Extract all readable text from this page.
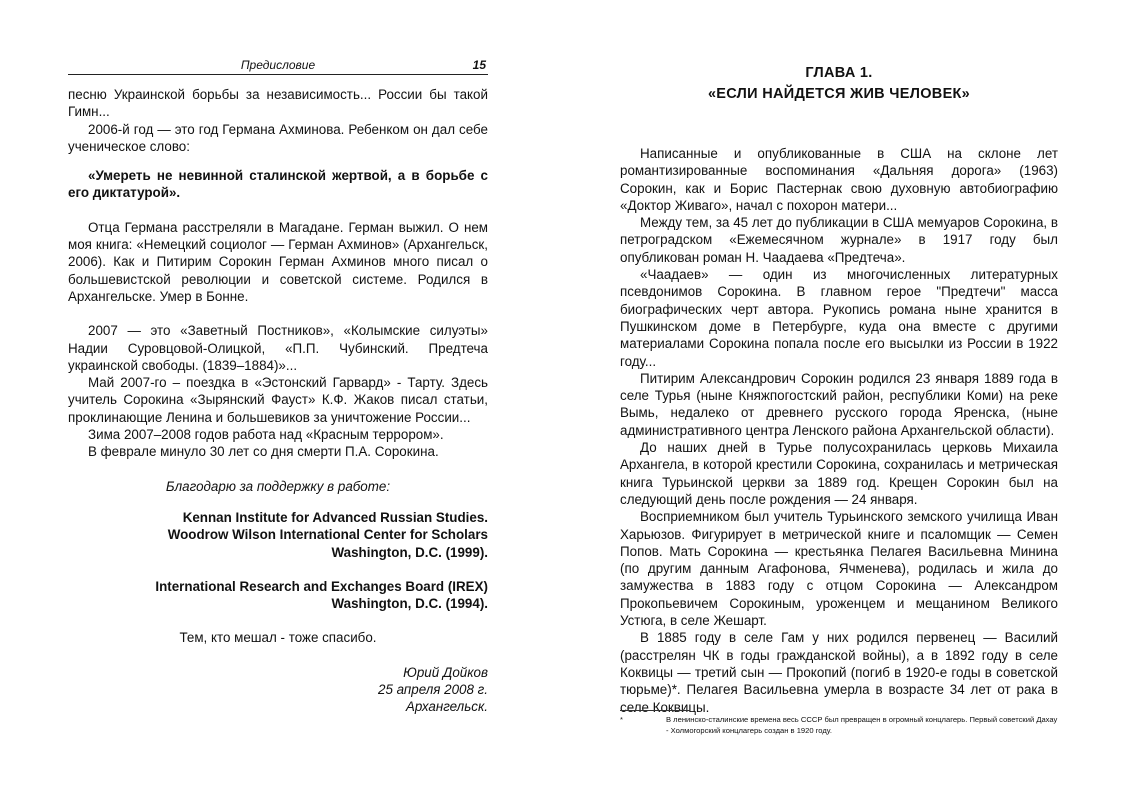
Предисловие	15

песню Украинской борьбы за независимость... России бы такой Гимн...

2006-й год — это год Германа Ахминова. Ребенком он дал себе ученическое слово:

«Умереть не невинной сталинской жертвой, а в борьбе с его диктатурой».

Отца Германа расстреляли в Магадане. Герман выжил. О нем моя книга: «Немецкий социолог — Герман Ахминов» (Архангельск, 2006). Как и Питирим Сорокин Герман Ахминов много писал о большевистской революции и советской системе. Родился в Архангельске. Умер в Бонне.

2007 — это «Заветный Постников», «Колымские силуэты» Надии Суровцовой-Олицкой, «П.П. Чубинский. Предтеча украинской свободы. (1839–1884)»...

Май 2007-го – поездка в «Эстонский Гарвард» - Тарту. Здесь учитель Сорокина «Зырянский Фауст» К.Ф. Жаков писал статьи, проклинающие Ленина и большевиков за уничтожение России...

Зима 2007–2008 годов работа над «Красным террором».

В феврале минуло 30 лет со дня смерти П.А. Сорокина.

Благодарю за поддержку в работе:

Kennan Institute for Advanced Russian Studies.
Woodrow Wilson International Center for Scholars
Washington, D.C. (1999).
International Research and Exchanges Board (IREX)
Washington, D.C. (1994).

Тем, кто мешал - тоже спасибо.

Юрий Дойков
25 апреля 2008 г.
Архангельск.
ГЛАВА 1.
«ЕСЛИ НАЙДЕТСЯ ЖИВ ЧЕЛОВЕК»

Написанные и опубликованные в США на склоне лет романтизированные воспоминания «Дальняя дорога» (1963) Сорокин, как и Борис Пастернак свою духовную автобиографию «Доктор Живаго», начал с похорон матери...

Между тем, за 45 лет до публикации в США мемуаров Сорокина, в петроградском «Ежемесячном журнале» в 1917 году был опубликован роман Н. Чаадаева «Предтеча».

«Чаадаев» — один из многочисленных литературных псевдонимов Сорокина. В главном герое "Предтечи" масса биографических черт автора. Рукопись романа ныне хранится в Пушкинском доме в Петербурге, куда она вместе с другими материалами Сорокина попала после его высылки из России в 1922 году...

Питирим Александрович Сорокин родился 23 января 1889 года в селе Турья (ныне Княжпогостский район, республики Коми) на реке Вымь, недалеко от древнего русского города Яренска, (ныне административного центра Ленского района Архангельской области).

До наших дней в Турье полусохранилась церковь Михаила Архангела, в которой крестили Сорокина, сохранилась и метрическая книга Турьинской церкви за 1889 год. Крещен Сорокин был на следующий день после рождения — 24 января.

Восприемником был учитель Турьинского земского училища Иван Харьюзов. Фигурирует в метрической книге и псаломщик — Семен Попов. Мать Сорокина — крестьянка Пелагея Васильевна Минина (по другим данным Агафонова, Ячменева), родилась и жила до замужества в 1883 году с отцом Сорокина — Александром Прокопьевичем Сорокиным, уроженцем и мещанином Великого Устюга, в селе Жешарт.

В 1885 году в селе Гам у них родился первенец — Василий (расстрелян ЧК в годы гражданской войны), а в 1892 году в селе Коквицы — третий сын — Прокопий (погиб в 1920-е годы в советской тюрьме)*. Пелагея Васильевна умерла в возрасте 34 лет от рака в селе Коквицы.

*	В ленинско-сталинские времена весь СССР был превращен в огромный концлагерь. Первый советский Дахау - Холмогорский концлагерь создан в 1920 году.
